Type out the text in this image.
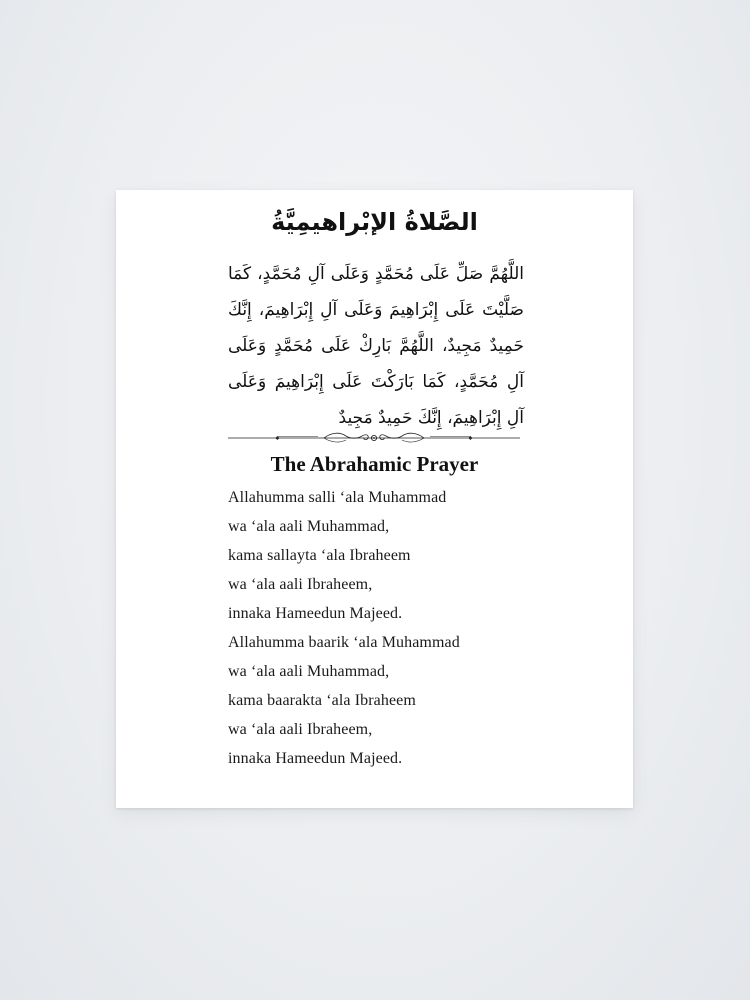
الصَّلاةُ الإبْراهيمِيَّةُ

اللَّهُمَّ صَلِّ عَلَى مُحَمَّدٍ وَعَلَى آلِ مُحَمَّدٍ، كَمَا صَلَّيْتَ عَلَى إِبْرَاهِيمَ وَعَلَى آلِ إِبْرَاهِيمَ، إِنَّكَ حَمِيدٌ مَجِيدٌ، اللَّهُمَّ بَارِكْ عَلَى مُحَمَّدٍ وَعَلَى آلِ مُحَمَّدٍ، كَمَا بَارَكْتَ عَلَى إِبْرَاهِيمَ وَعَلَى آلِ إِبْرَاهِيمَ، إِنَّكَ حَمِيدٌ مَجِيدٌ

The Abrahamic Prayer
Allahumma salli ‘ala Muhammad
wa ‘ala aali Muhammad,
kama sallayta ‘ala Ibraheem
wa ‘ala aali Ibraheem,
innaka Hameedun Majeed.
Allahumma baarik ‘ala Muhammad
wa ‘ala aali Muhammad,
kama baarakta ‘ala Ibraheem
wa ‘ala aali Ibraheem,
innaka Hameedun Majeed.
